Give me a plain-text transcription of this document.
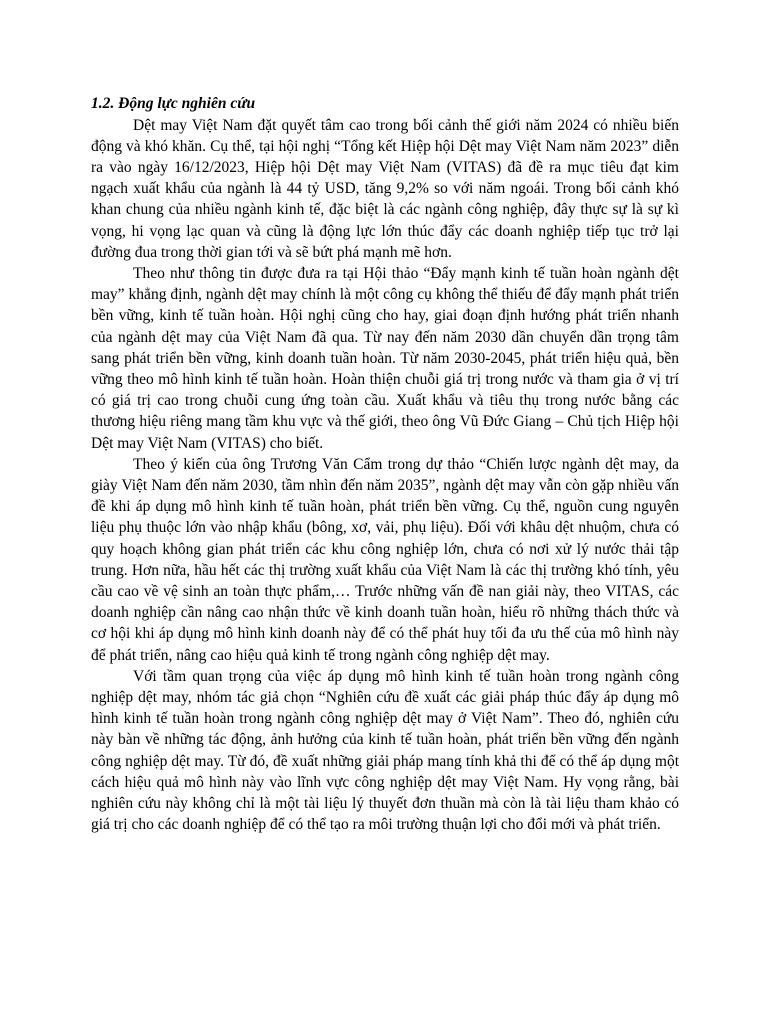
1.2. Động lực nghiên cứu

Dệt may Việt Nam đặt quyết tâm cao trong bối cảnh thế giới năm 2024 có nhiều biến động và khó khăn. Cụ thể, tại hội nghị “Tổng kết Hiệp hội Dệt may Việt Nam năm 2023” diễn ra vào ngày 16/12/2023, Hiệp hội Dệt may Việt Nam (VITAS) đã đề ra mục tiêu đạt kim ngạch xuất khẩu của ngành là 44 tỷ USD, tăng 9,2% so với năm ngoái. Trong bối cảnh khó khan chung của nhiều ngành kinh tế, đặc biệt là các ngành công nghiệp, đây thực sự là sự kì vọng, hi vọng lạc quan và cũng là động lực lớn thúc đẩy các doanh nghiệp tiếp tục trở lại đường đua trong thời gian tới và sẽ bứt phá mạnh mẽ hơn.

Theo như thông tin được đưa ra tại Hội thảo “Đẩy mạnh kinh tế tuần hoàn ngành dệt may” khẳng định, ngành dệt may chính là một công cụ không thể thiếu để đẩy mạnh phát triển bền vững, kinh tế tuần hoàn. Hội nghị cũng cho hay, giai đoạn định hướng phát triển nhanh của ngành dệt may của Việt Nam đã qua. Từ nay đến năm 2030 dần chuyển dần trọng tâm sang phát triển bền vững, kinh doanh tuần hoàn. Từ năm 2030-2045, phát triển hiệu quả, bền vững theo mô hình kinh tế tuần hoàn. Hoàn thiện chuỗi giá trị trong nước và tham gia ở vị trí có giá trị cao trong chuỗi cung ứng toàn cầu. Xuất khẩu và tiêu thụ trong nước bằng các thương hiệu riêng mang tầm khu vực và thế giới, theo ông Vũ Đức Giang – Chủ tịch Hiệp hội Dệt may Việt Nam (VITAS) cho biết.

Theo ý kiến của ông Trương Văn Cẩm trong dự thảo “Chiến lược ngành dệt may, da giày Việt Nam đến năm 2030, tầm nhìn đến năm 2035”, ngành dệt may vẫn còn gặp nhiều vấn đề khi áp dụng mô hình kinh tế tuần hoàn, phát triển bền vững. Cụ thể, nguồn cung nguyên liệu phụ thuộc lớn vào nhập khẩu (bông, xơ, vải, phụ liệu). Đối với khâu dệt nhuộm, chưa có quy hoạch không gian phát triển các khu công nghiệp lớn, chưa có nơi xử lý nước thải tập trung. Hơn nữa, hầu hết các thị trường xuất khẩu của Việt Nam là các thị trường khó tính, yêu cầu cao về vệ sinh an toàn thực phẩm,… Trước những vấn đề nan giải này, theo VITAS, các doanh nghiệp cần nâng cao nhận thức về kinh doanh tuần hoàn, hiểu rõ những thách thức và cơ hội khi áp dụng mô hình kinh doanh này để có thể phát huy tối đa ưu thế của mô hình này để phát triển, nâng cao hiệu quả kinh tế trong ngành công nghiệp dệt may.

Với tầm quan trọng của việc áp dụng mô hình kinh tế tuần hoàn trong ngành công nghiệp dệt may, nhóm tác giả chọn “Nghiên cứu đề xuất các giải pháp thúc đẩy áp dụng mô hình kinh tế tuần hoàn trong ngành công nghiệp dệt may ở Việt Nam”. Theo đó, nghiên cứu này bàn về những tác động, ảnh hưởng của kinh tế tuần hoàn, phát triển bền vững đến ngành công nghiệp dệt may. Từ đó, đề xuất những giải pháp mang tính khả thi để có thể áp dụng một cách hiệu quả mô hình này vào lĩnh vực công nghiệp dệt may Việt Nam. Hy vọng rằng, bài nghiên cứu này không chỉ là một tài liệu lý thuyết đơn thuần mà còn là tài liệu tham khảo có giá trị cho các doanh nghiệp để có thể tạo ra môi trường thuận lợi cho đổi mới và phát triển.
